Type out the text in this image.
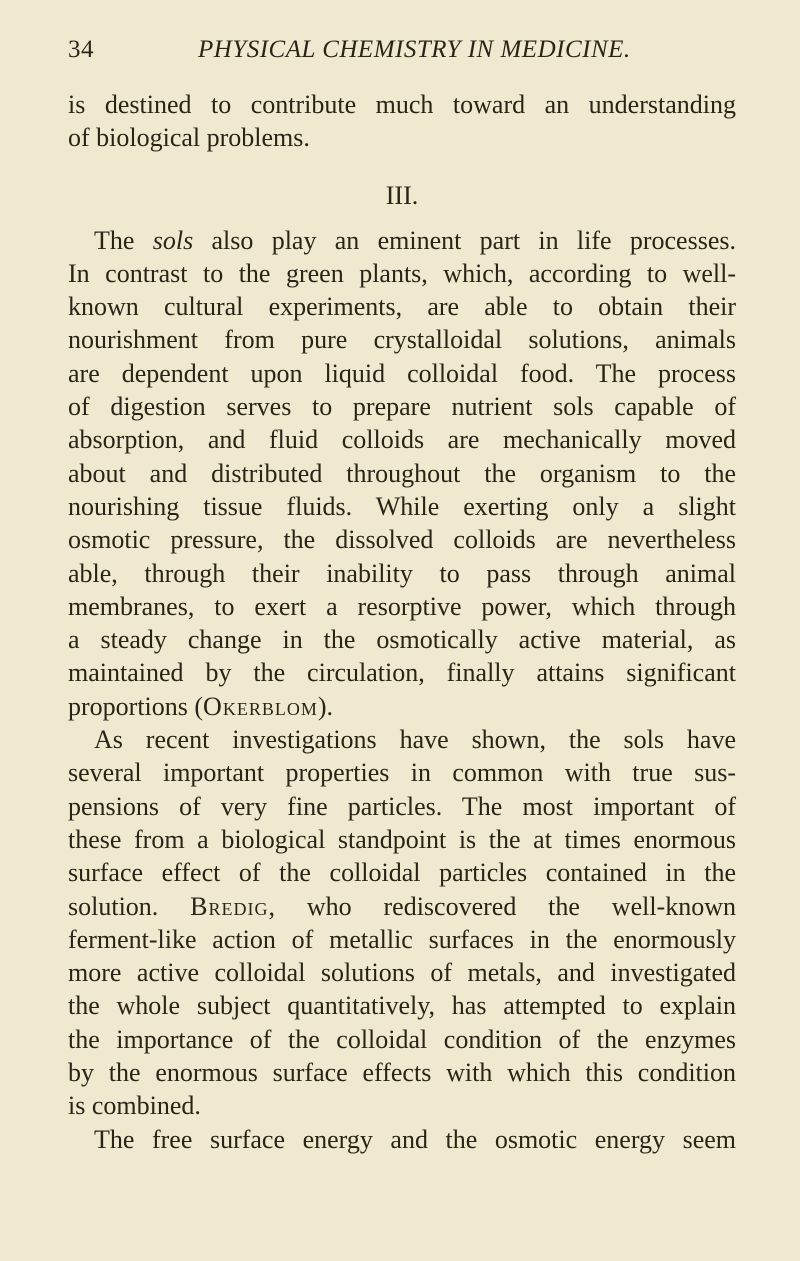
34	PHYSICAL CHEMISTRY IN MEDICINE.
is destined to contribute much toward an understanding
of biological problems.
III.
The sols also play an eminent part in life processes.
In contrast to the green plants, which, according to well-
known cultural experiments, are able to obtain their
nourishment from pure crystalloidal solutions, animals
are dependent upon liquid colloidal food. The process
of digestion serves to prepare nutrient sols capable of
absorption, and fluid colloids are mechanically moved
about and distributed throughout the organism to the
nourishing tissue fluids. While exerting only a slight
osmotic pressure, the dissolved colloids are nevertheless
able, through their inability to pass through animal
membranes, to exert a resorptive power, which through
a steady change in the osmotically active material, as
maintained by the circulation, finally attains significant
proportions (Okerblom).
As recent investigations have shown, the sols have
several important properties in common with true sus-
pensions of very fine particles. The most important of
these from a biological standpoint is the at times enormous
surface effect of the colloidal particles contained in the
solution. Bredig, who rediscovered the well-known
ferment-like action of metallic surfaces in the enormously
more active colloidal solutions of metals, and investigated
the whole subject quantitatively, has attempted to explain
the importance of the colloidal condition of the enzymes
by the enormous surface effects with which this condition
is combined.
The free surface energy and the osmotic energy seem
